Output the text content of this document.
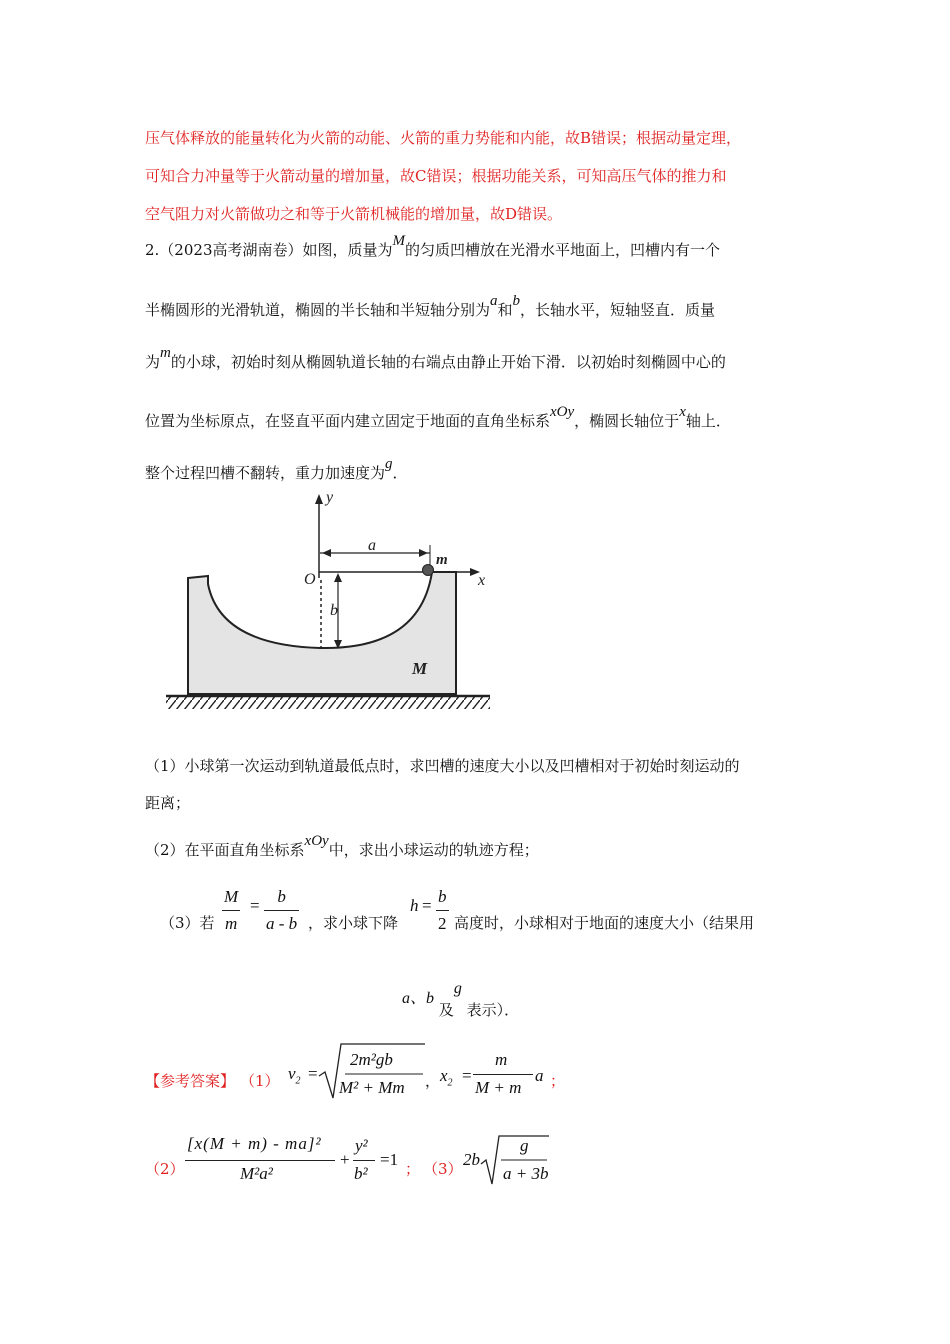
压气体释放的能量转化为火箭的动能、火箭的重力势能和内能，故B错误；根据动量定理，
可知合力冲量等于火箭动量的增加量，故C错误；根据功能关系，可知高压气体的推力和
空气阻力对火箭做功之和等于火箭机械能的增加量，故D错误。
2.（2023高考湖南卷）如图，质量为M的匀质凹槽放在光滑水平地面上，凹槽内有一个
半椭圆形的光滑轨道，椭圆的半长轴和半短轴分别为a和b，长轴水平，短轴竖直．质量
为m的小球，初始时刻从椭圆轨道长轴的右端点由静止开始下滑．以初始时刻椭圆中心的
位置为坐标原点，在竖直平面内建立固定于地面的直角坐标系xOy，椭圆长轴位于x轴上．
整个过程凹槽不翻转，重力加速度为g．
y
x
O
a
b
m
M
（1）小球第一次运动到轨道最低点时，求凹槽的速度大小以及凹槽相对于初始时刻运动的
距离；
（2）在平面直角坐标系xOy中，求出小球运动的轨迹方程；
（3）若 $\frac{M}{m} = \frac{b}{a - b}$ ，求小球下降
$h = \frac{b}{2}$ 高度时，小球相对于地面的速度大小（结果用
a、b 及g 表示）．
【参考答案】 （1） $v_2$ =
2m²gb
M² + Mm ， $x_2$ =
m
M + m
a ；
（2）
[x(M + m) - ma]²
M²a²
+
y²
b²
=1 ； （3） 2b
g
a + 3b
